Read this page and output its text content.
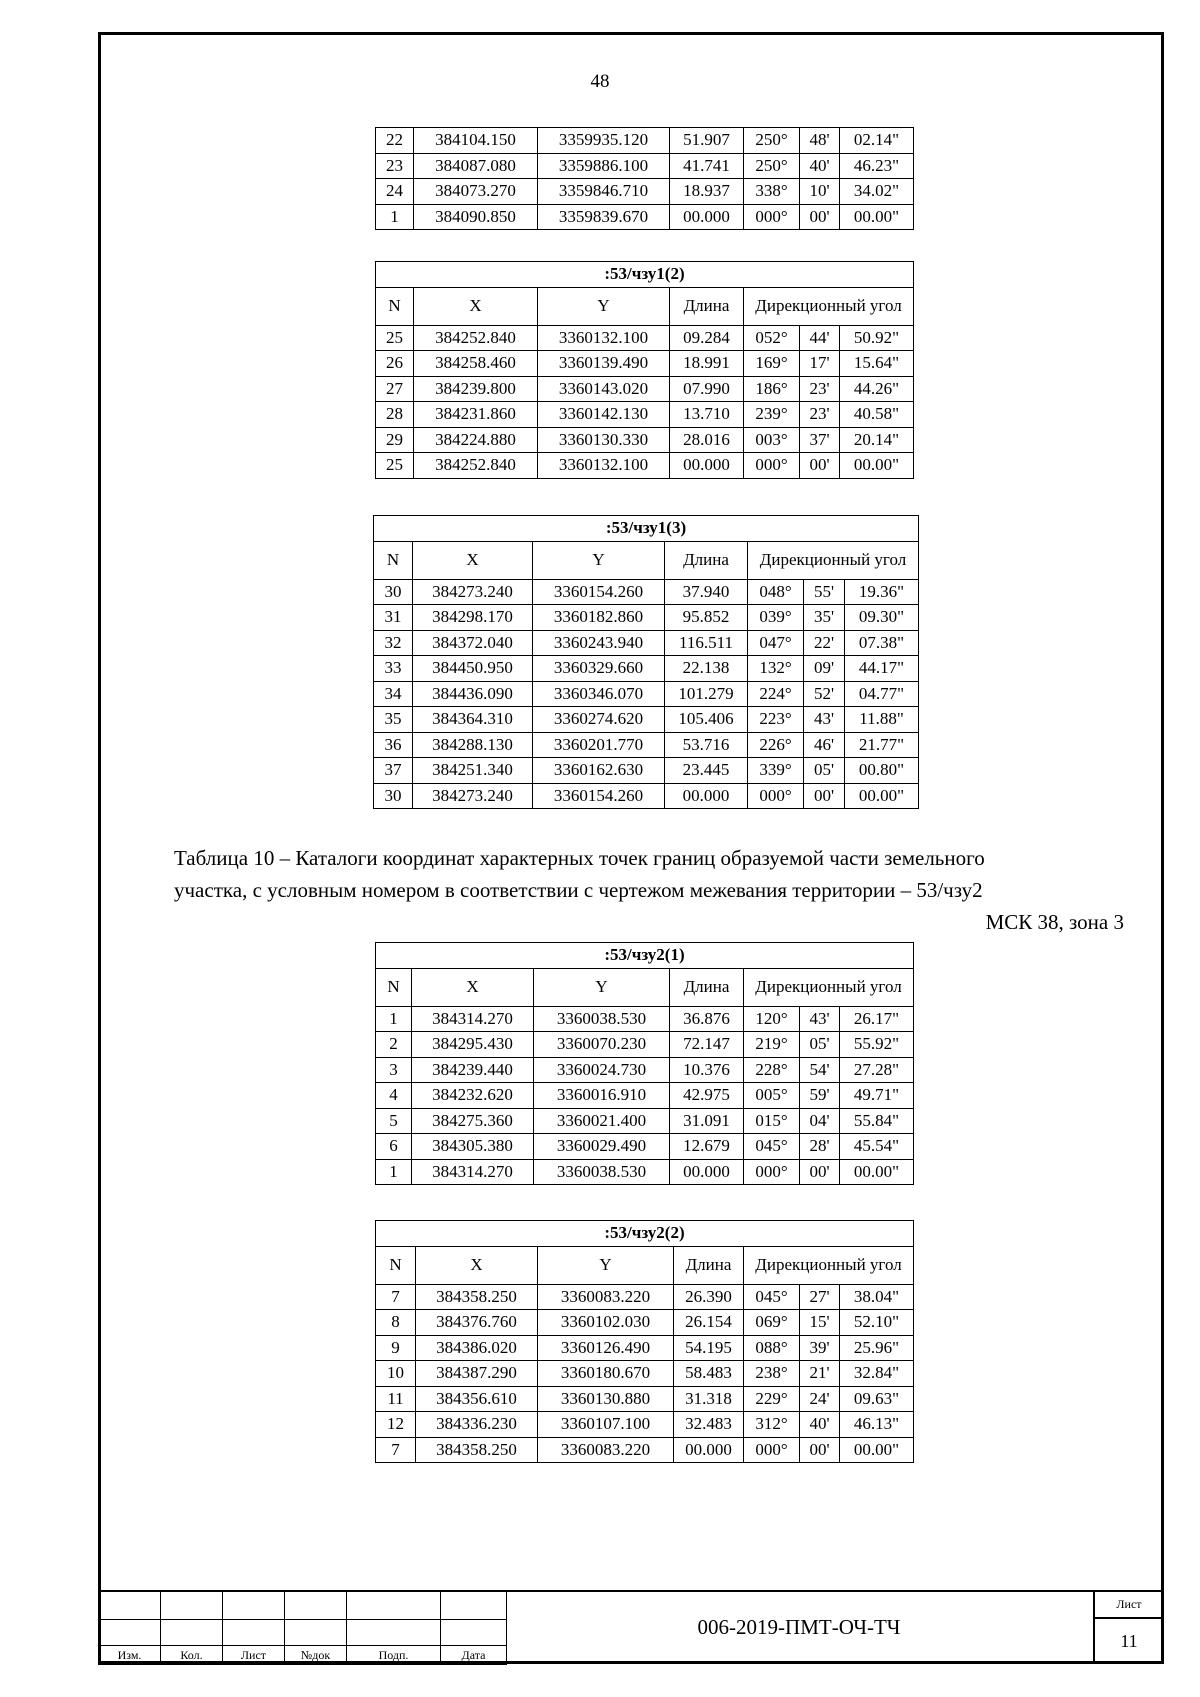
48
22	384104.150	3359935.120	51.907	250°	48'	02.14"
23	384087.080	3359886.100	41.741	250°	40'	46.23"
24	384073.270	3359846.710	18.937	338°	10'	34.02"
1	384090.850	3359839.670	00.000	000°	00'	00.00"
:53/чзу1(2)						
N	X	Y	Длина	Дирекционный угол		
25	384252.840	3360132.100	09.284	052°	44'	50.92"
26	384258.460	3360139.490	18.991	169°	17'	15.64"
27	384239.800	3360143.020	07.990	186°	23'	44.26"
28	384231.860	3360142.130	13.710	239°	23'	40.58"
29	384224.880	3360130.330	28.016	003°	37'	20.14"
25	384252.840	3360132.100	00.000	000°	00'	00.00"
:53/чзу1(3)						
N	X	Y	Длина	Дирекционный угол		
30	384273.240	3360154.260	37.940	048°	55'	19.36"
31	384298.170	3360182.860	95.852	039°	35'	09.30"
32	384372.040	3360243.940	116.511	047°	22'	07.38"
33	384450.950	3360329.660	22.138	132°	09'	44.17"
34	384436.090	3360346.070	101.279	224°	52'	04.77"
35	384364.310	3360274.620	105.406	223°	43'	11.88"
36	384288.130	3360201.770	53.716	226°	46'	21.77"
37	384251.340	3360162.630	23.445	339°	05'	00.80"
30	384273.240	3360154.260	00.000	000°	00'	00.00"
Таблица 10 – Каталоги координат характерных точек границ образуемой части земельного
участка, с условным номером в соответствии с чертежом межевания территории – 53/чзу2
МСК 38, зона 3
:53/чзу2(1)						
N	X	Y	Длина	Дирекционный угол		
1	384314.270	3360038.530	36.876	120°	43'	26.17"
2	384295.430	3360070.230	72.147	219°	05'	55.92"
3	384239.440	3360024.730	10.376	228°	54'	27.28"
4	384232.620	3360016.910	42.975	005°	59'	49.71"
5	384275.360	3360021.400	31.091	015°	04'	55.84"
6	384305.380	3360029.490	12.679	045°	28'	45.54"
1	384314.270	3360038.530	00.000	000°	00'	00.00"
:53/чзу2(2)						
N	X	Y	Длина	Дирекционный угол		
7	384358.250	3360083.220	26.390	045°	27'	38.04"
8	384376.760	3360102.030	26.154	069°	15'	52.10"
9	384386.020	3360126.490	54.195	088°	39'	25.96"
10	384387.290	3360180.670	58.483	238°	21'	32.84"
11	384356.610	3360130.880	31.318	229°	24'	09.63"
12	384336.230	3360107.100	32.483	312°	40'	46.13"
7	384358.250	3360083.220	00.000	000°	00'	00.00"

Изм.	Кол.	Лист	№док	Подп.	Дата
006-2019-ПМТ-ОЧ-ТЧ
Лист
11
